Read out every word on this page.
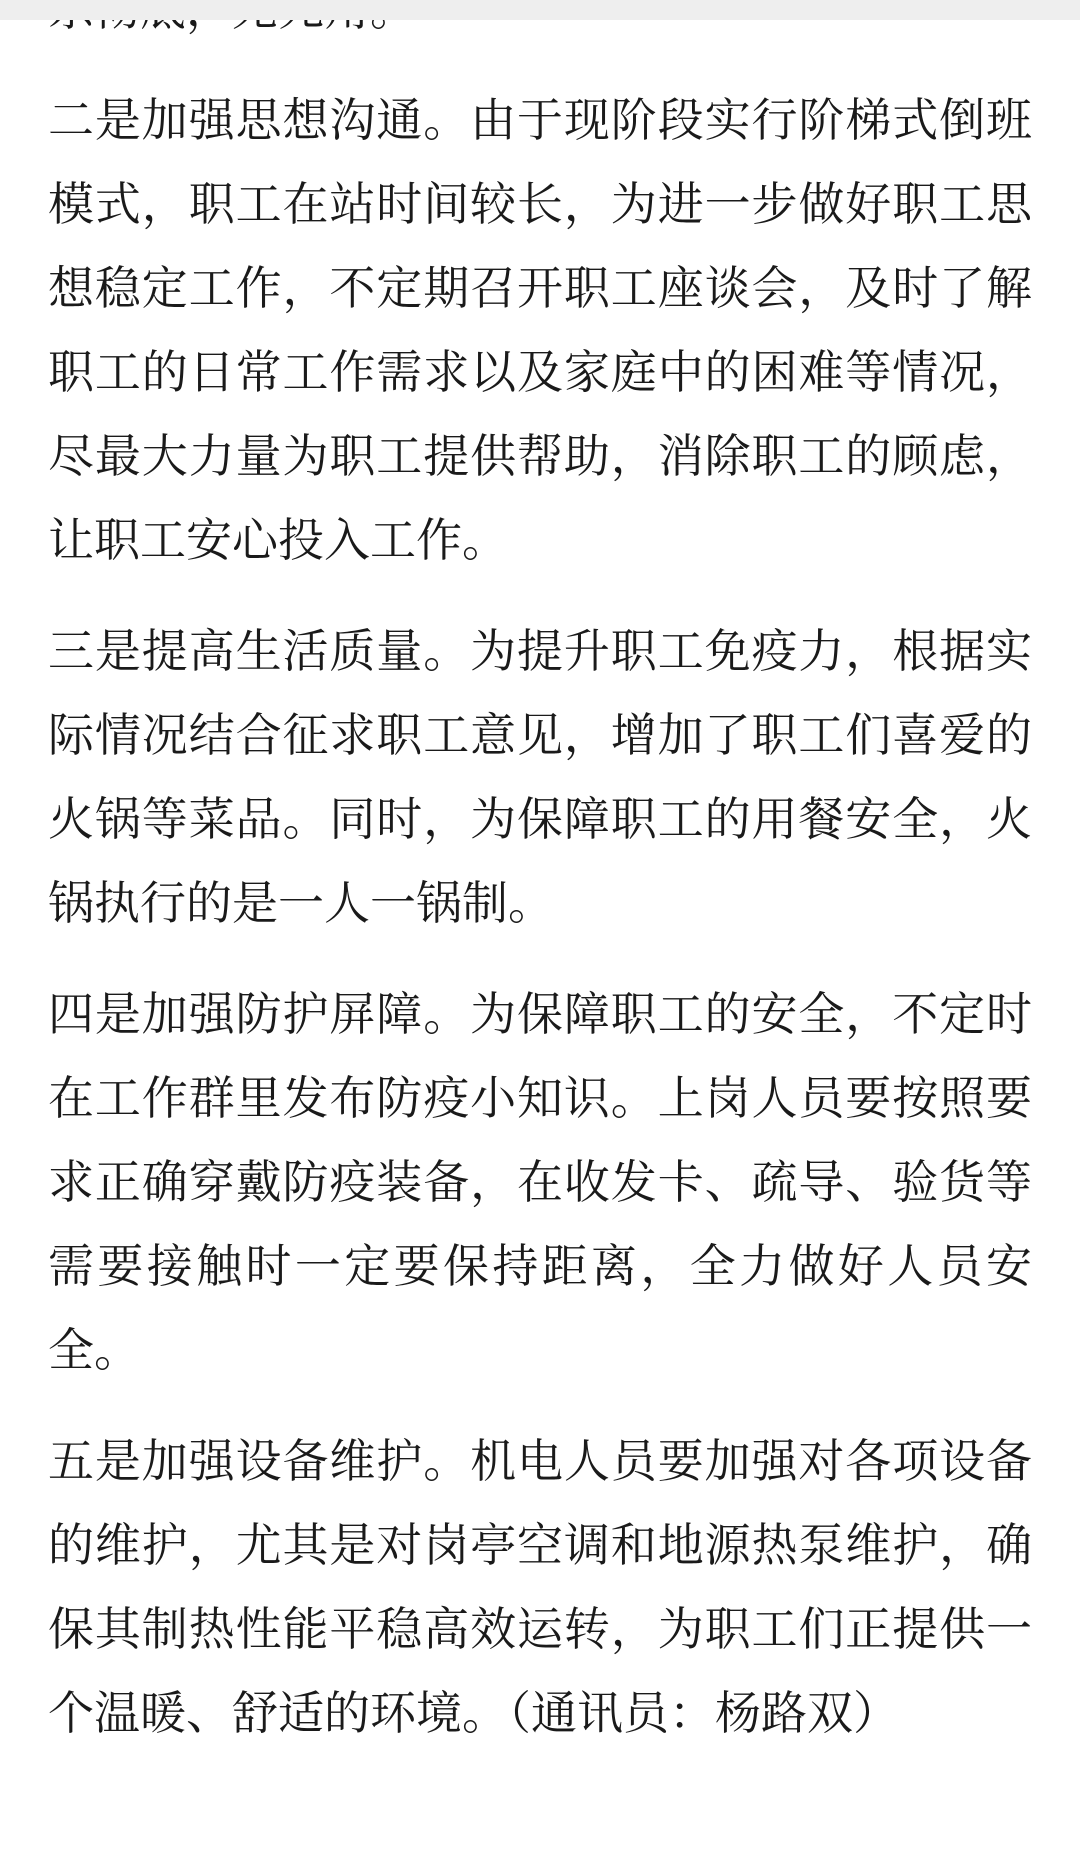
二是加强思想沟通。由于现阶段实行阶梯式倒班模式，职工在站时间较长，为进一步做好职工思想稳定工作，不定期召开职工座谈会，及时了解职工的日常工作需求以及家庭中的困难等情况，尽最大力量为职工提供帮助，消除职工的顾虑，让职工安心投入工作。

三是提高生活质量。为提升职工免疫力，根据实际情况结合征求职工意见，增加了职工们喜爱的火锅等菜品。同时，为保障职工的用餐安全，火锅执行的是一人一锅制。

四是加强防护屏障。为保障职工的安全，不定时在工作群里发布防疫小知识。上岗人员要按照要求正确穿戴防疫装备，在收发卡、疏导、验货等需要接触时一定要保持距离，全力做好人员安全。

五是加强设备维护。机电人员要加强对各项设备的维护，尤其是对岗亭空调和地源热泵维护，确保其制热性能平稳高效运转，为职工们正提供一个温暖、舒适的环境。（通讯员：杨路双）
